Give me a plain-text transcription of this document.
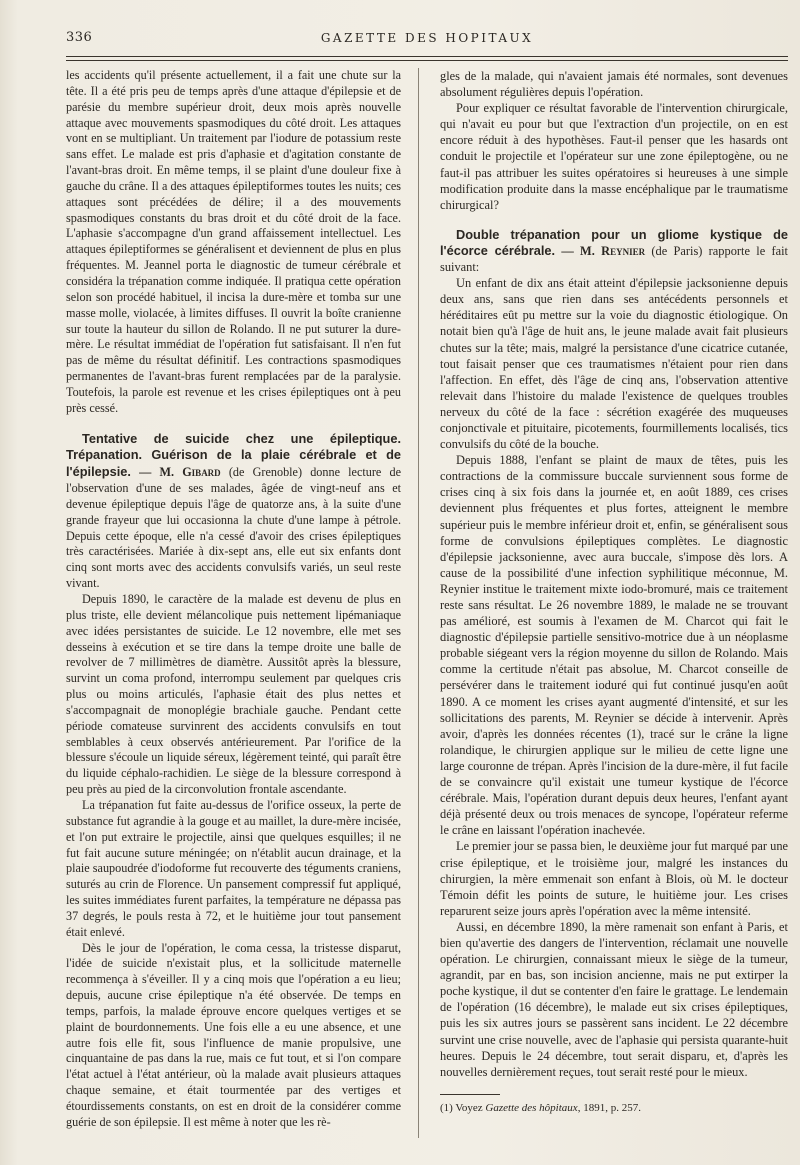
336	GAZETTE DES HOPITAUX

les accidents qu'il présente actuellement, il a fait une chute sur la tête. Il a été pris peu de temps après d'une attaque d'épilepsie et de parésie du membre supérieur droit, deux mois après nouvelle attaque avec mouvements spasmodiques du côté droit. Les attaques vont en se multipliant. Un traitement par l'iodure de potassium reste sans effet. Le malade est pris d'aphasie et d'agitation constante de l'avant-bras droit. En même temps, il se plaint d'une douleur fixe à gauche du crâne. Il a des attaques épileptiformes toutes les nuits; ces attaques sont précédées de délire; il a des mouvements spasmodiques constants du bras droit et du côté droit de la face. L'aphasie s'accompagne d'un grand affaissement intellectuel. Les attaques épileptiformes se généralisent et deviennent de plus en plus fréquentes. M. Jeannel porta le diagnostic de tumeur cérébrale et considéra la trépanation comme indiquée. Il pratiqua cette opération selon son procédé habituel, il incisa la dure-mère et tomba sur une masse molle, violacée, à limites diffuses. Il ouvrit la boîte cranienne sur toute la hauteur du sillon de Rolando. Il ne put suturer la dure-mère. Le résultat immédiat de l'opération fut satisfaisant. Il n'en fut pas de même du résultat définitif. Les contractions spasmodiques permanentes de l'avant-bras furent remplacées par de la paralysie. Toutefois, la parole est revenue et les crises épileptiques ont à peu près cessé.

Tentative de suicide chez une épileptique. Trépanation. Guérison de la plaie cérébrale et de l'épilepsie. — M. Gibard (de Grenoble) donne lecture de l'observation d'une de ses malades, âgée de vingt-neuf ans et devenue épileptique depuis l'âge de quatorze ans, à la suite d'une grande frayeur que lui occasionna la chute d'une lampe à pétrole. Depuis cette époque, elle n'a cessé d'avoir des crises épileptiques très caractérisées. Mariée à dix-sept ans, elle eut six enfants dont cinq sont morts avec des accidents convulsifs variés, un seul reste vivant.

Depuis 1890, le caractère de la malade est devenu de plus en plus triste, elle devient mélancolique puis nettement lipémaniaque avec idées persistantes de suicide. Le 12 novembre, elle met ses desseins à exécution et se tire dans la tempe droite une balle de revolver de 7 millimètres de diamètre. Aussitôt après la blessure, survint un coma profond, interrompu seulement par quelques cris plus ou moins articulés, l'aphasie était des plus nettes et s'accompagnait de monoplégie brachiale gauche. Pendant cette période comateuse survinrent des accidents convulsifs en tout semblables à ceux observés antérieurement. Par l'orifice de la blessure s'écoule un liquide séreux, légèrement teinté, qui paraît être du liquide céphalo-rachidien. Le siège de la blessure correspond à peu près au pied de la circonvolution frontale ascendante.

La trépanation fut faite au-dessus de l'orifice osseux, la perte de substance fut agrandie à la gouge et au maillet, la dure-mère incisée, et l'on put extraire le projectile, ainsi que quelques esquilles; il ne fut fait aucune suture méningée; on n'établit aucun drainage, et la plaie saupoudrée d'iodoforme fut recouverte des téguments craniens, suturés au crin de Florence. Un pansement compressif fut appliqué, les suites immédiates furent parfaites, la température ne dépassa pas 37 degrés, le pouls resta à 72, et le huitième jour tout pansement était enlevé.

Dès le jour de l'opération, le coma cessa, la tristesse disparut, l'idée de suicide n'existait plus, et la sollicitude maternelle recommença à s'éveiller. Il y a cinq mois que l'opération a eu lieu; depuis, aucune crise épileptique n'a été observée. De temps en temps, parfois, la malade éprouve encore quelques vertiges et se plaint de bourdonnements. Une fois elle a eu une absence, et une autre fois elle fit, sous l'influence de manie propulsive, une cinquantaine de pas dans la rue, mais ce fut tout, et si l'on compare l'état actuel à l'état antérieur, où la malade avait plusieurs attaques chaque semaine, et était tourmentée par des vertiges et étourdissements constants, on est en droit de la considérer comme guérie de son épilepsie. Il est même à noter que les rè-

gles de la malade, qui n'avaient jamais été normales, sont devenues absolument régulières depuis l'opération.

Pour expliquer ce résultat favorable de l'intervention chirurgicale, qui n'avait eu pour but que l'extraction d'un projectile, on en est encore réduit à des hypothèses. Faut-il penser que les hasards ont conduit le projectile et l'opérateur sur une zone épileptogène, ou ne faut-il pas attribuer les suites opératoires si heureuses à une simple modification produite dans la masse encéphalique par le traumatisme chirurgical?

Double trépanation pour un gliome kystique de l'écorce cérébrale. — M. Reynier (de Paris) rapporte le fait suivant:

Un enfant de dix ans était atteint d'épilepsie jacksonienne depuis deux ans, sans que rien dans ses antécédents personnels et héréditaires eût pu mettre sur la voie du diagnostic étiologique. On notait bien qu'à l'âge de huit ans, le jeune malade avait fait plusieurs chutes sur la tête; mais, malgré la persistance d'une cicatrice cutanée, tout faisait penser que ces traumatismes n'étaient pour rien dans l'affection. En effet, dès l'âge de cinq ans, l'observation attentive relevait dans l'histoire du malade l'existence de quelques troubles nerveux du côté de la face : sécrétion exagérée des muqueuses conjonctivale et pituitaire, picotements, fourmillements localisés, tics convulsifs du côté de la bouche.

Depuis 1888, l'enfant se plaint de maux de têtes, puis les contractions de la commissure buccale surviennent sous forme de crises cinq à six fois dans la journée et, en août 1889, ces crises deviennent plus fréquentes et plus fortes, atteignent le membre supérieur puis le membre inférieur droit et, enfin, se généralisent sous forme de convulsions épileptiques complètes. Le diagnostic d'épilepsie jacksonienne, avec aura buccale, s'impose dès lors. A cause de la possibilité d'une infection syphilitique méconnue, M. Reynier institue le traitement mixte iodo-bromuré, mais ce traitement reste sans résultat. Le 26 novembre 1889, le malade ne se trouvant pas amélioré, est soumis à l'examen de M. Charcot qui fait le diagnostic d'épilepsie partielle sensitivo-motrice due à un néoplasme probable siégeant vers la région moyenne du sillon de Rolando. Mais comme la certitude n'était pas absolue, M. Charcot conseille de persévérer dans le traitement ioduré qui fut continué jusqu'en août 1890. A ce moment les crises ayant augmenté d'intensité, et sur les sollicitations des parents, M. Reynier se décide à intervenir. Après avoir, d'après les données récentes (1), tracé sur le crâne la ligne rolandique, le chirurgien applique sur le milieu de cette ligne une large couronne de trépan. Après l'incision de la dure-mère, il fut facile de se convaincre qu'il existait une tumeur kystique de l'écorce cérébrale. Mais, l'opération durant depuis deux heures, l'enfant ayant déjà présenté deux ou trois menaces de syncope, l'opérateur referme le crâne en laissant l'opération inachevée.

Le premier jour se passa bien, le deuxième jour fut marqué par une crise épileptique, et le troisième jour, malgré les instances du chirurgien, la mère emmenait son enfant à Blois, où M. le docteur Témoin défit les points de suture, le huitième jour. Les crises reparurent seize jours après l'opération avec la même intensité.

Aussi, en décembre 1890, la mère ramenait son enfant à Paris, et bien qu'avertie des dangers de l'intervention, réclamait une nouvelle opération. Le chirurgien, connaissant mieux le siège de la tumeur, agrandit, par en bas, son incision ancienne, mais ne put extirper la poche kystique, il dut se contenter d'en faire le grattage. Le lendemain de l'opération (16 décembre), le malade eut six crises épileptiques, puis les six autres jours se passèrent sans incident. Le 22 décembre survint une crise nouvelle, avec de l'aphasie qui persista quarante-huit heures. Depuis le 24 décembre, tout serait disparu, et, d'après les nouvelles dernièrement reçues, tout serait resté pour le mieux.

(1) Voyez Gazette des hôpitaux, 1891, p. 257.
